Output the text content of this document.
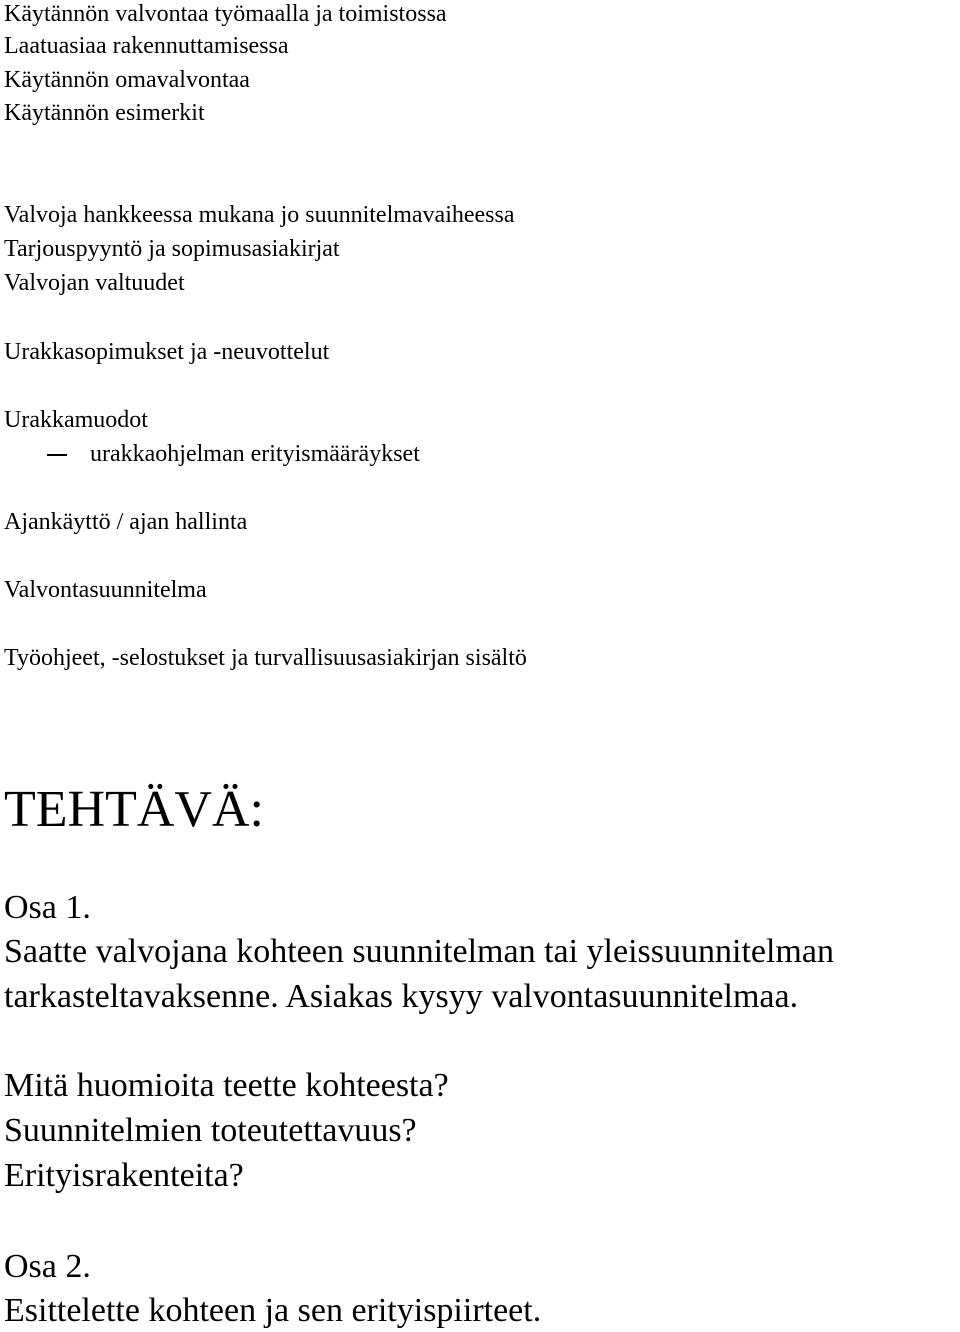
Käytännön valvontaa työmaalla ja toimistossa
Laatuasiaa rakennuttamisessa
Käytännön omavalvontaa
Käytännön esimerkit
Valvoja hankkeessa mukana jo suunnitelmavaiheessa
Tarjouspyyntö ja sopimusasiakirjat
Valvojan valtuudet
Urakkasopimukset ja -neuvottelut
Urakkamuodot
urakkaohjelman erityismääräykset
Ajankäyttö / ajan hallinta
Valvontasuunnitelma
Työohjeet, -selostukset ja turvallisuusasiakirjan sisältö
TEHTÄVÄ:
Osa 1.
Saatte valvojana kohteen suunnitelman tai yleissuunnitelman
tarkasteltavaksenne. Asiakas kysyy valvontasuunnitelmaa.
Mitä huomioita teette kohteesta?
Suunnitelmien toteutettavuus?
Erityisrakenteita?
Osa 2.
Esittelette kohteen ja sen erityispiirteet.
